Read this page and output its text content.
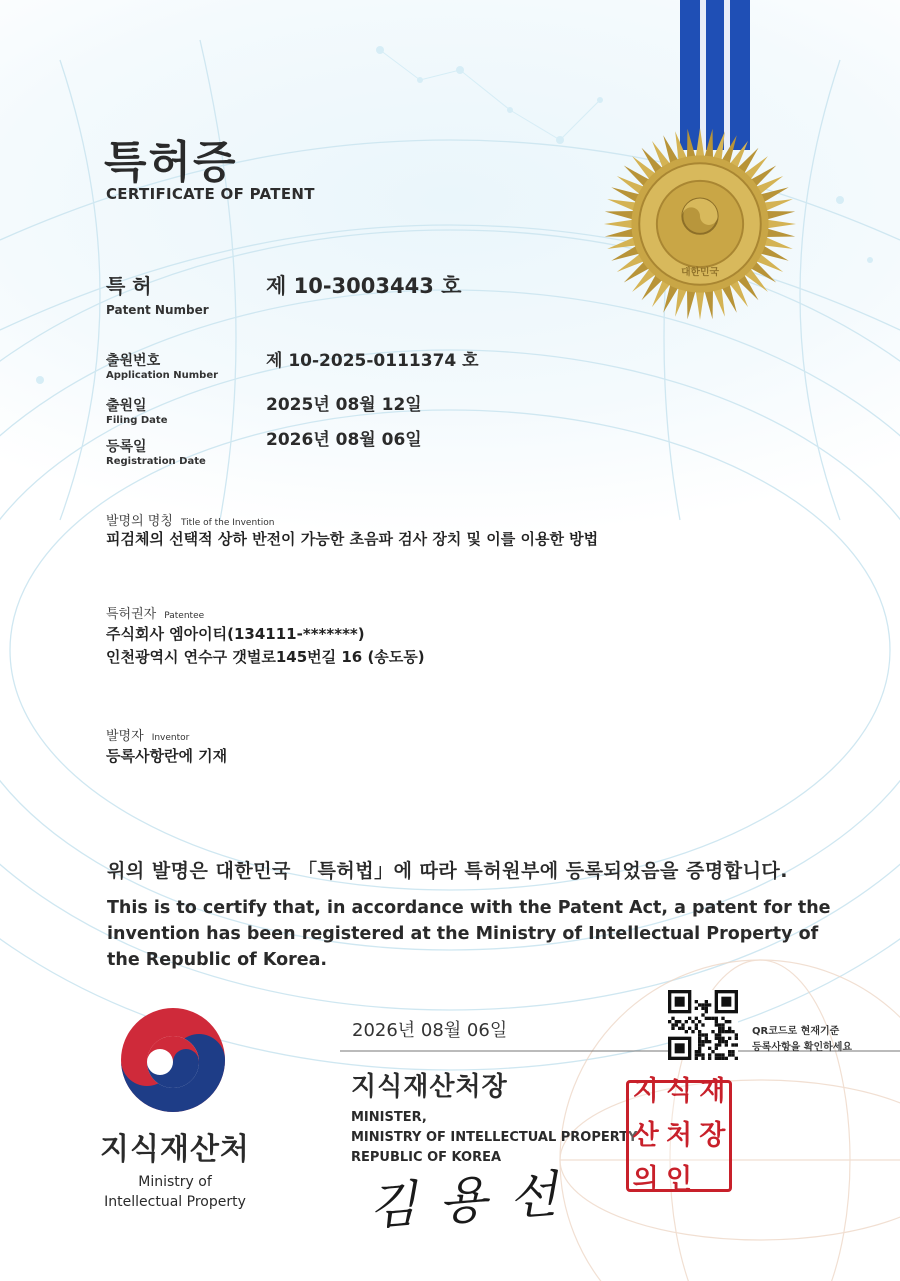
대한민국
특허증
CERTIFICATE OF PATENT
특 허
Patent Number
제 10-3003443 호
출원번호
Application Number
제 10-2025-0111374 호
출원일
Filing Date
2025년 08월 12일
등록일
Registration Date
2026년 08월 06일
발명의 명칭 Title of the Invention
피검체의 선택적 상하 반전이 가능한 초음파 검사 장치 및 이를 이용한 방법
특허권자 Patentee
주식회사 엠아이티(134111-*******)
인천광역시 연수구 갯벌로145번길 16 (송도동)
발명자 Inventor
등록사항란에 기재
위의 발명은 대한민국 「특허법」에 따라 특허원부에 등록되었음을 증명합니다.
This is to certify that, in accordance with the Patent Act, a patent for the invention has been registered at the Ministry of Intellectual Property of the Republic of Korea.
지식재산처
Ministry of
Intellectual Property
2026년 08월 06일
지식재산처장
MINISTER,
MINISTRY OF INTELLECTUAL PROPERTY
REPUBLIC OF KOREA
김용선
지 식 재
산 처 장
의 인
QR코드로 현재기준
등록사항을 확인하세요
